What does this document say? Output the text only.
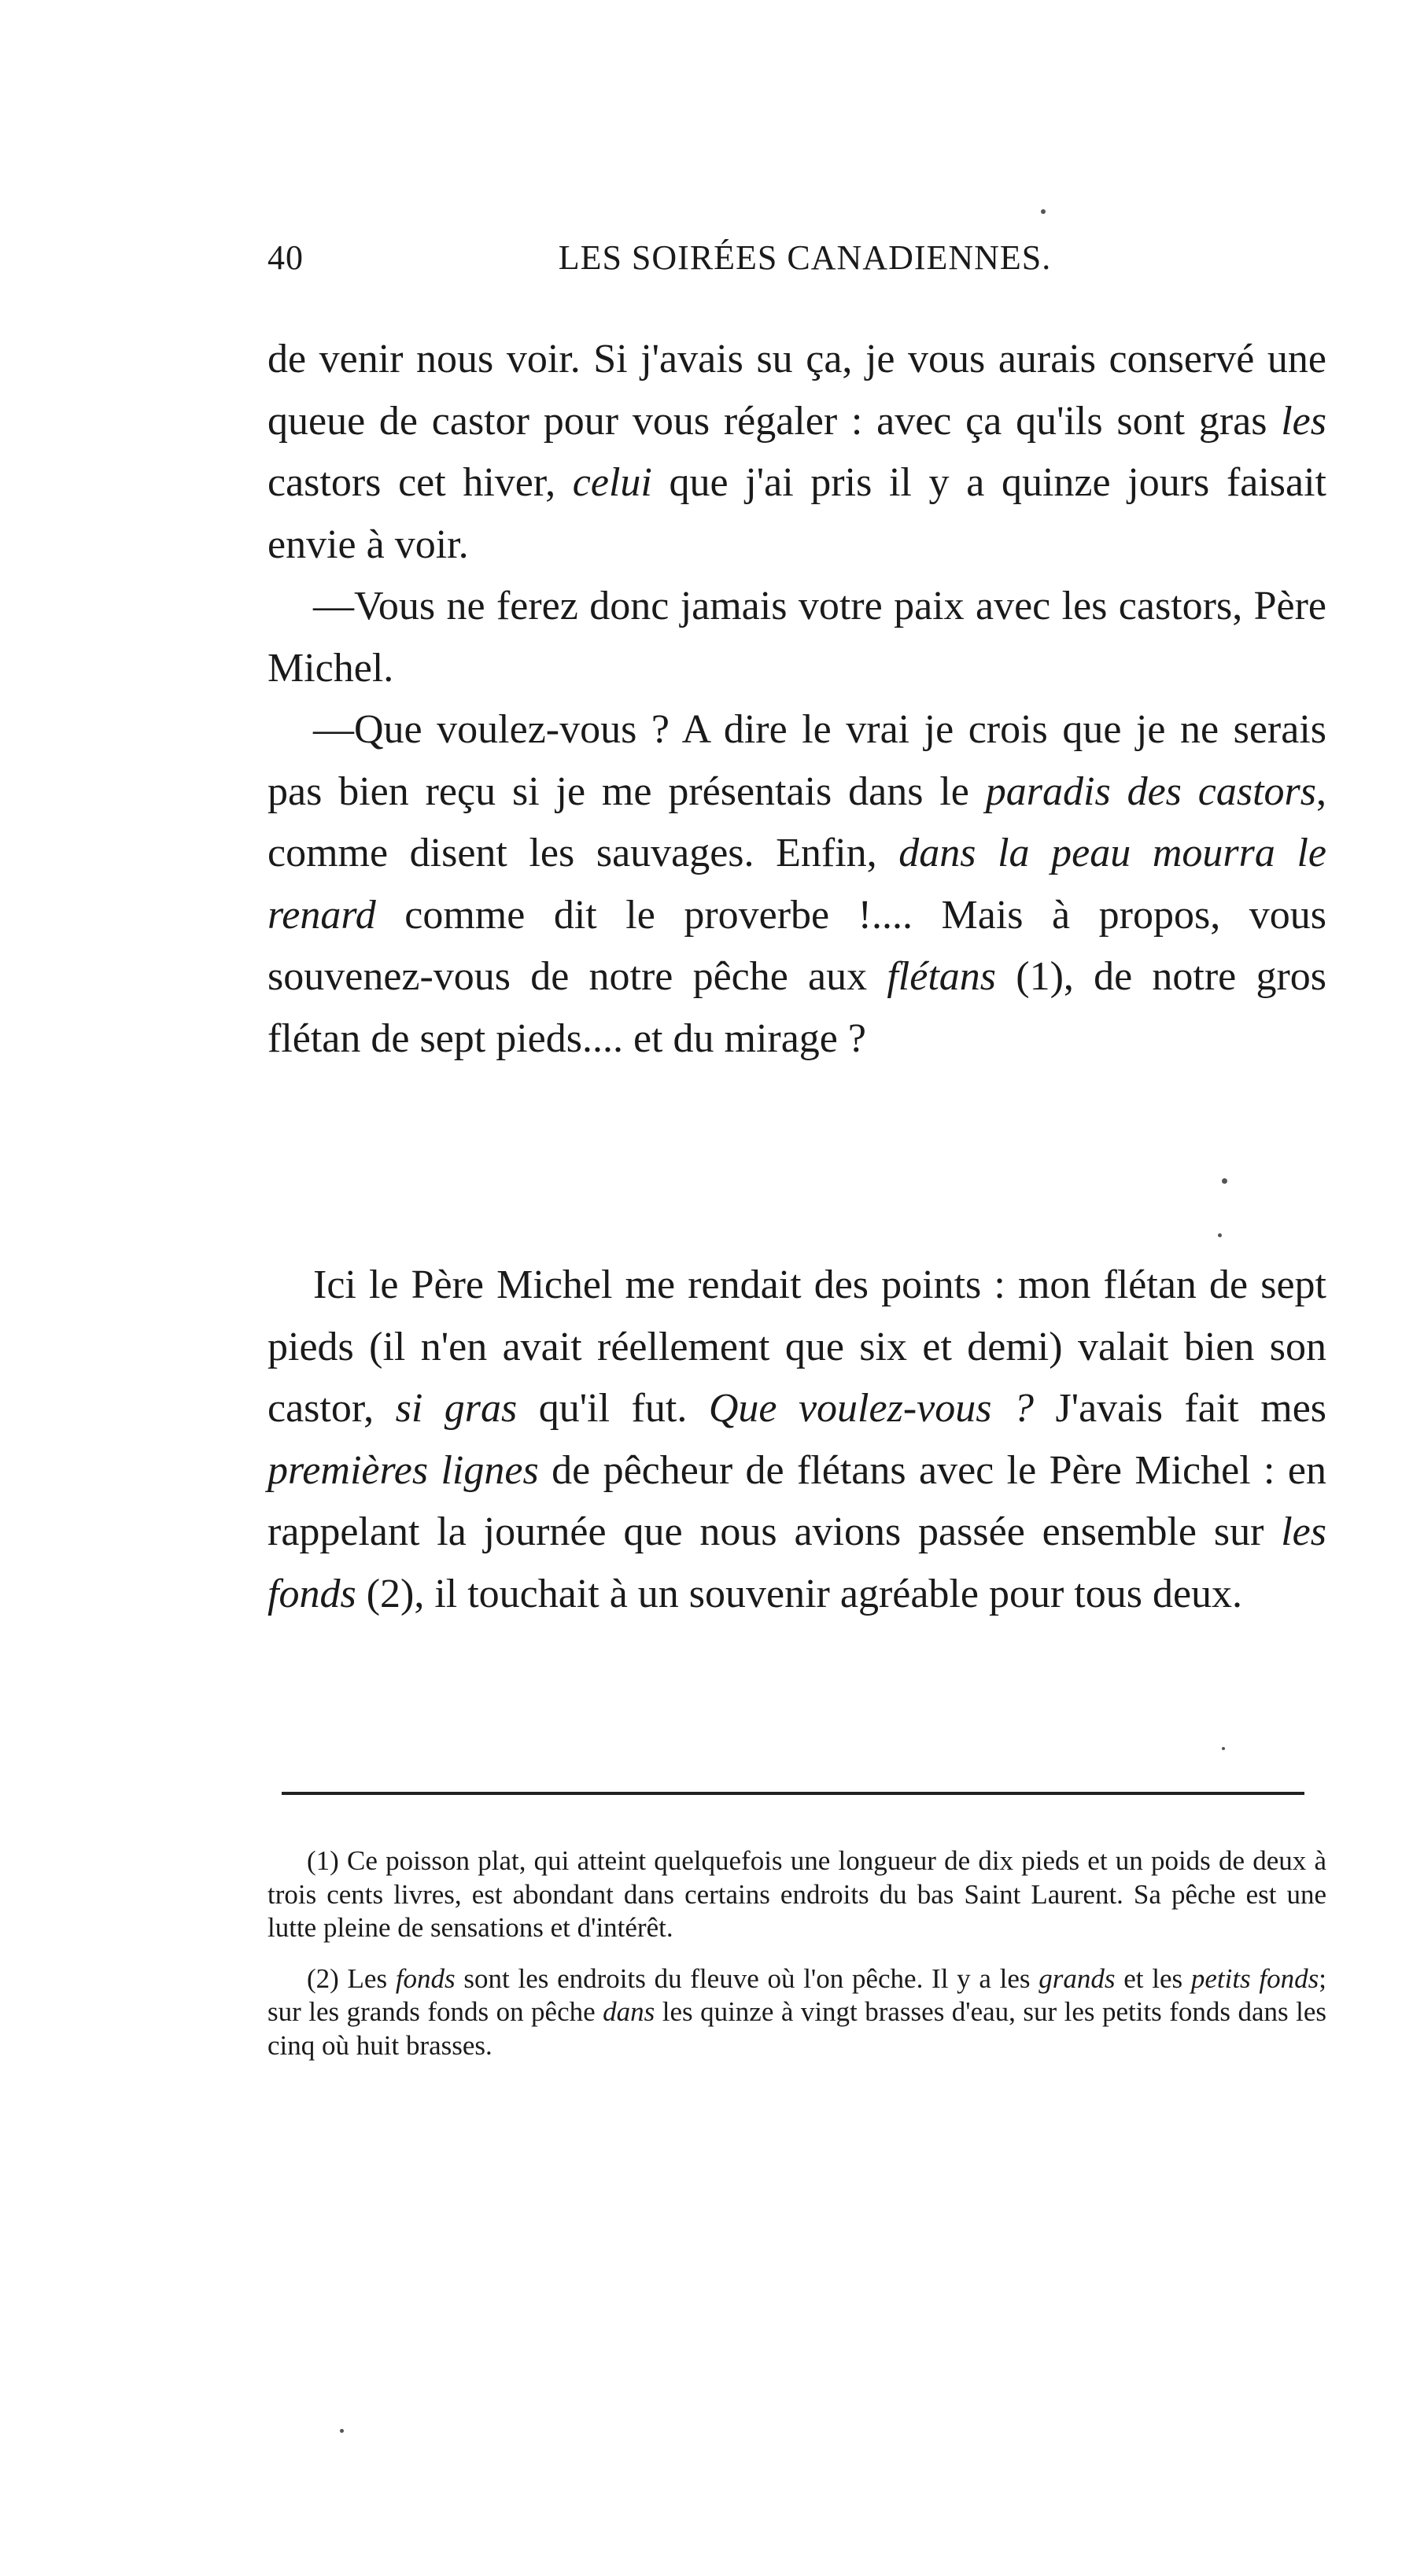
40	LES SOIRÉES CANADIENNES.

de venir nous voir. Si j'avais su ça, je vous aurais conservé une queue de castor pour vous régaler : avec ça qu'ils sont gras les castors cet hiver, celui que j'ai pris il y a quinze jours faisait envie à voir.

—Vous ne ferez donc jamais votre paix avec les castors, Père Michel.

—Que voulez-vous ? A dire le vrai je crois que je ne serais pas bien reçu si je me présentais dans le paradis des castors, comme disent les sauvages. Enfin, dans la peau mourra le renard comme dit le proverbe !.... Mais à propos, vous souvenez-vous de notre pêche aux flétans (1), de notre gros flétan de sept pieds.... et du mirage ?

Ici le Père Michel me rendait des points : mon flétan de sept pieds (il n'en avait réellement que six et demi) valait bien son castor, si gras qu'il fut. Que voulez-vous ? J'avais fait mes premières lignes de pêcheur de flétans avec le Père Michel : en rappelant la journée que nous avions passée ensemble sur les fonds (2), il touchait à un souvenir agréable pour tous deux.

(1) Ce poisson plat, qui atteint quelquefois une longueur de dix pieds et un poids de deux à trois cents livres, est abondant dans certains endroits du bas Saint Laurent. Sa pêche est une lutte pleine de sensations et d'intérêt.

(2) Les fonds sont les endroits du fleuve où l'on pêche. Il y a les grands et les petits fonds; sur les grands fonds on pêche dans les quinze à vingt brasses d'eau, sur les petits fonds dans les cinq où huit brasses.
